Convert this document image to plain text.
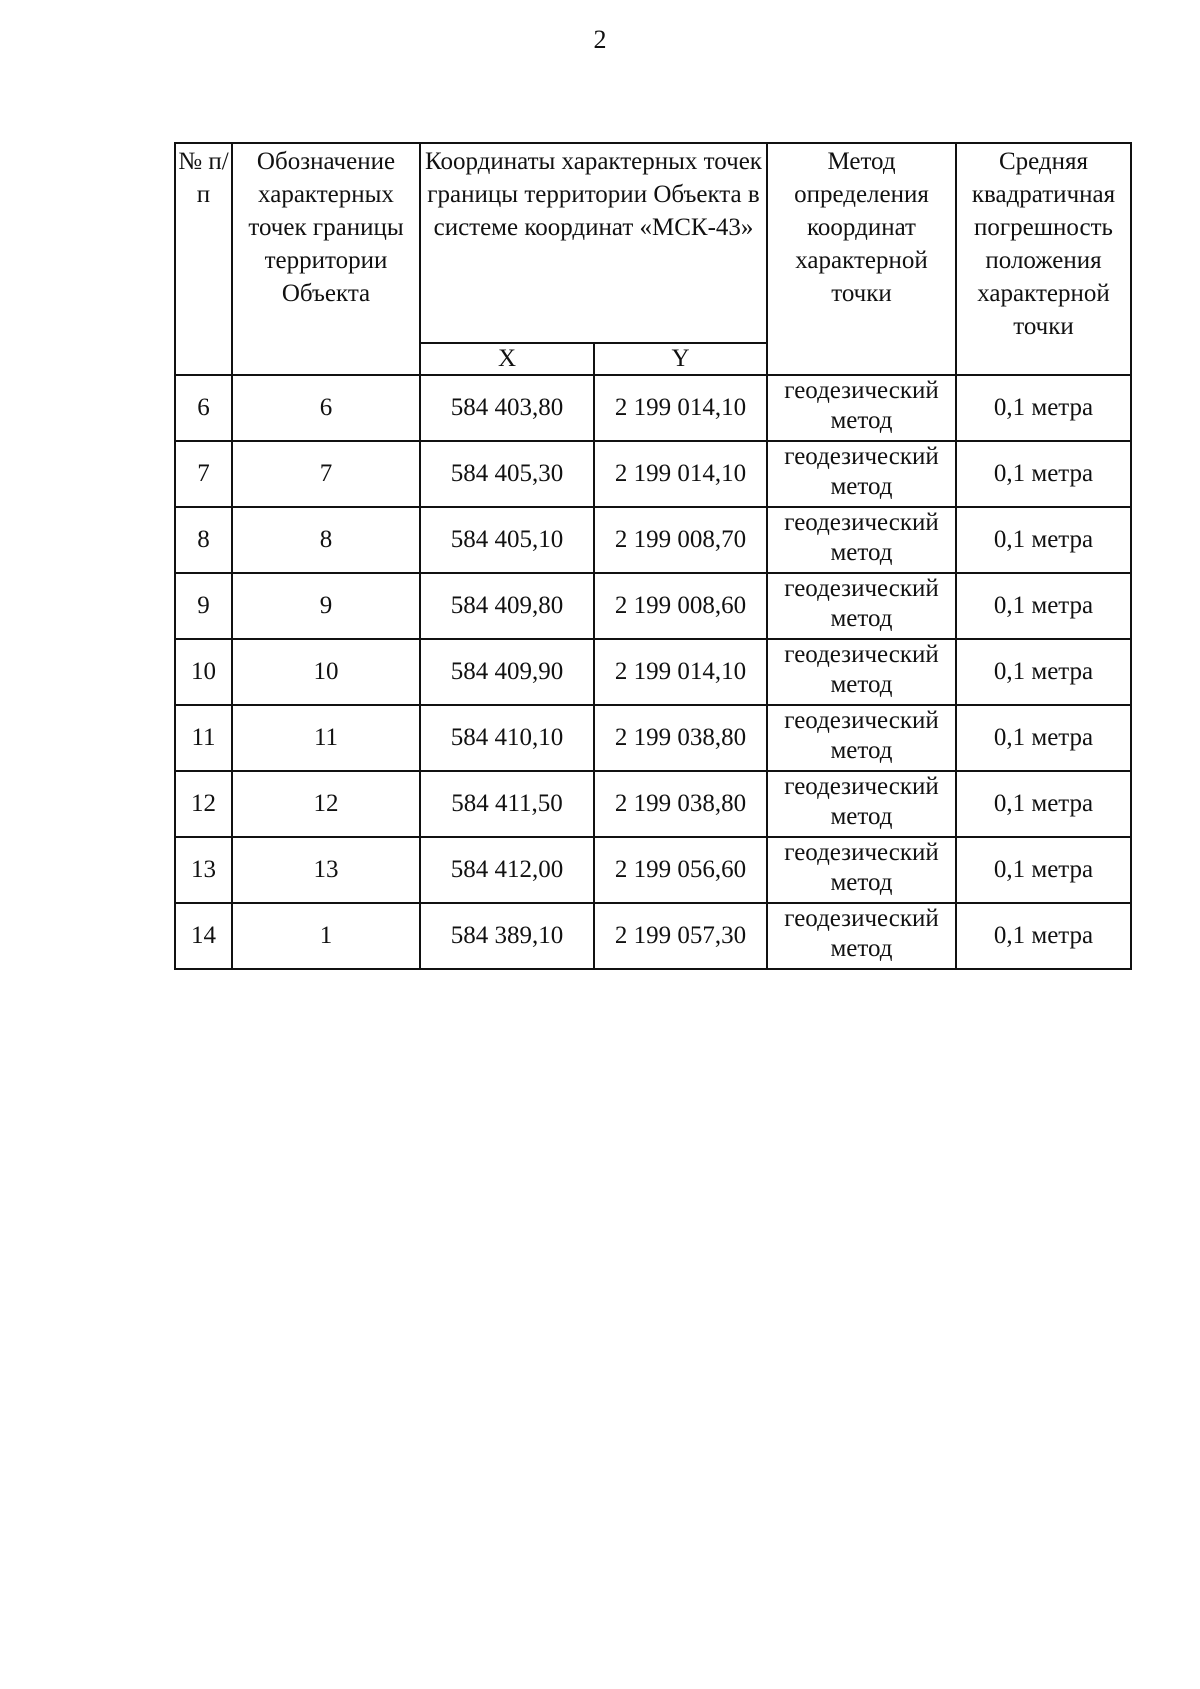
2
№ п/п	Обозначение характерных точек границы территории Объекта	Координаты характерных точек границы территории Объекта в системе координат «МСК-43»		Метод определения координат характерной точки	Средняя квадратичная погрешность положения характерной точки
		X	Y		
6	6	584 403,80	2 199 014,10	геодезический метод	0,1 метра
7	7	584 405,30	2 199 014,10	геодезический метод	0,1 метра
8	8	584 405,10	2 199 008,70	геодезический метод	0,1 метра
9	9	584 409,80	2 199 008,60	геодезический метод	0,1 метра
10	10	584 409,90	2 199 014,10	геодезический метод	0,1 метра
11	11	584 410,10	2 199 038,80	геодезический метод	0,1 метра
12	12	584 411,50	2 199 038,80	геодезический метод	0,1 метра
13	13	584 412,00	2 199 056,60	геодезический метод	0,1 метра
14	1	584 389,10	2 199 057,30	геодезический метод	0,1 метра
